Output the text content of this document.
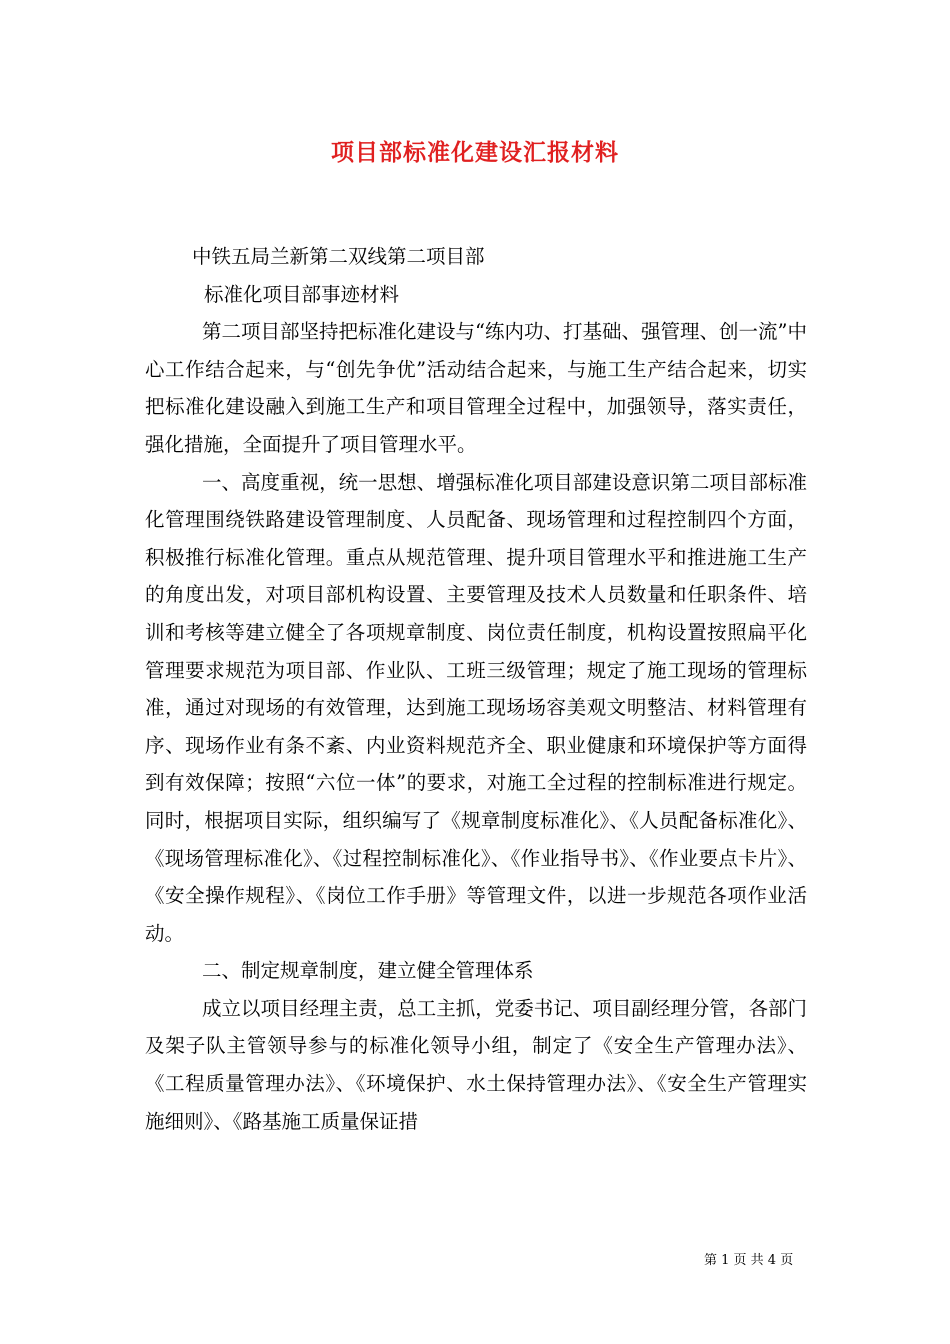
项目部标准化建设汇报材料

中铁五局兰新第二双线第二项目部

标准化项目部事迹材料

第二项目部坚持把标准化建设与“练内功、打基础、强管理、创一流”中心工作结合起来，与“创先争优”活动结合起来，与施工生产结合起来，切实把标准化建设融入到施工生产和项目管理全过程中，加强领导，落实责任，强化措施，全面提升了项目管理水平。

一、高度重视，统一思想、增强标准化项目部建设意识第二项目部标准化管理围绕铁路建设管理制度、人员配备、现场管理和过程控制四个方面，积极推行标准化管理。重点从规范管理、提升项目管理水平和推进施工生产的角度出发，对项目部机构设置、主要管理及技术人员数量和任职条件、培训和考核等建立健全了各项规章制度、岗位责任制度，机构设置按照扁平化管理要求规范为项目部、作业队、工班三级管理；规定了施工现场的管理标准，通过对现场的有效管理，达到施工现场场容美观文明整洁、材料管理有序、现场作业有条不紊、内业资料规范齐全、职业健康和环境保护等方面得到有效保障；按照“六位一体”的要求，对施工全过程的控制标准进行规定。同时，根据项目实际，组织编写了《规章制度标准化》、《人员配备标准化》、《现场管理标准化》、《过程控制标准化》、《作业指导书》、《作业要点卡片》、《安全操作规程》、《岗位工作手册》等管理文件，以进一步规范各项作业活动。

二、制定规章制度，建立健全管理体系

成立以项目经理主责，总工主抓，党委书记、项目副经理分管，各部门及架子队主管领导参与的标准化领导小组，制定了《安全生产管理办法》、《工程质量管理办法》、《环境保护、水土保持管理办法》、《安全生产管理实施细则》、《路基施工质量保证措

第 1 页 共 4 页
